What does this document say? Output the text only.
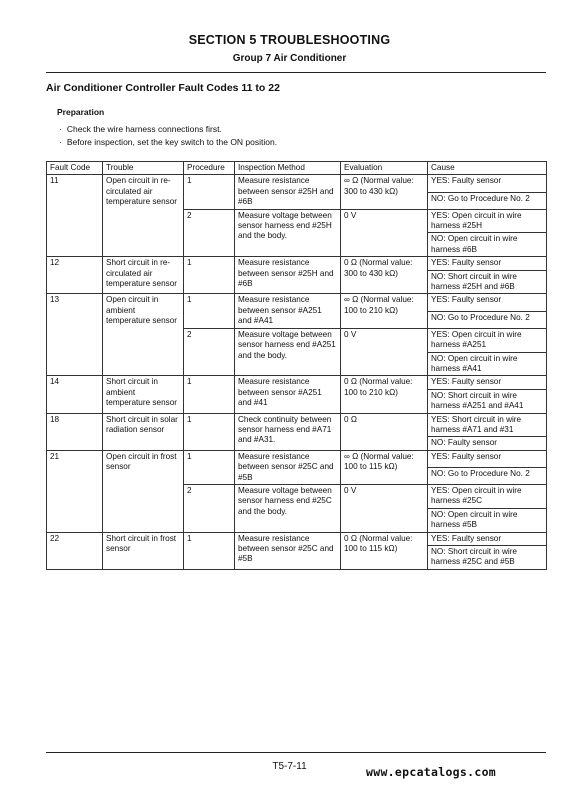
SECTION 5 TROUBLESHOOTING
Group 7 Air Conditioner
Air Conditioner Controller Fault Codes 11 to 22
Preparation
· Check the wire harness connections first.
· Before inspection, set the key switch to the ON position.
Fault Code	Trouble	Procedure	Inspection Method	Evaluation	Cause
11	Open circuit in re-circulated air temperature sensor	1	Measure resistance between sensor #25H and #6B	∞ Ω (Normal value: 300 to 430 kΩ)	YES: Faulty sensor
					NO: Go to Procedure No. 2
		2	Measure voltage between sensor harness end #25H and the body.	0 V	YES: Open circuit in wire harness #25H
					NO: Open circuit in wire harness #6B
12	Short circuit in re-circulated air temperature sensor	1	Measure resistance between sensor #25H and #6B	0 Ω (Normal value: 300 to 430 kΩ)	YES: Faulty sensor
					NO: Short circuit in wire harness #25H and #6B
13	Open circuit in ambient temperature sensor	1	Measure resistance between sensor #A251 and #A41	∞ Ω (Normal value: 100 to 210 kΩ)	YES: Faulty sensor
					NO: Go to Procedure No. 2
		2	Measure voltage between sensor harness end #A251 and the body.	0 V	YES: Open circuit in wire harness #A251
					NO: Open circuit in wire harness #A41
14	Short circuit in ambient temperature sensor	1	Measure resistance between sensor #A251 and #41	0 Ω (Normal value: 100 to 210 kΩ)	YES: Faulty sensor
					NO: Short circuit in wire harness #A251 and #A41
18	Short circuit in solar radiation sensor	1	Check continuity between sensor harness end #A71 and #A31.	0 Ω	YES: Short circuit in wire harness #A71 and #31
					NO: Faulty sensor
21	Open circuit in frost sensor	1	Measure resistance between sensor #25C and #5B	∞ Ω (Normal value: 100 to 115 kΩ)	YES: Faulty sensor
					NO: Go to Procedure No. 2
		2	Measure voltage between sensor harness end #25C and the body.	0 V	YES: Open circuit in wire harness #25C
					NO: Open circuit in wire harness #5B
22	Short circuit in frost sensor	1	Measure resistance between sensor #25C and #5B	0 Ω (Normal value: 100 to 115 kΩ)	YES: Faulty sensor
					NO: Short circuit in wire harness #25C and #5B
T5-7-11	www.epcatalogs.com
